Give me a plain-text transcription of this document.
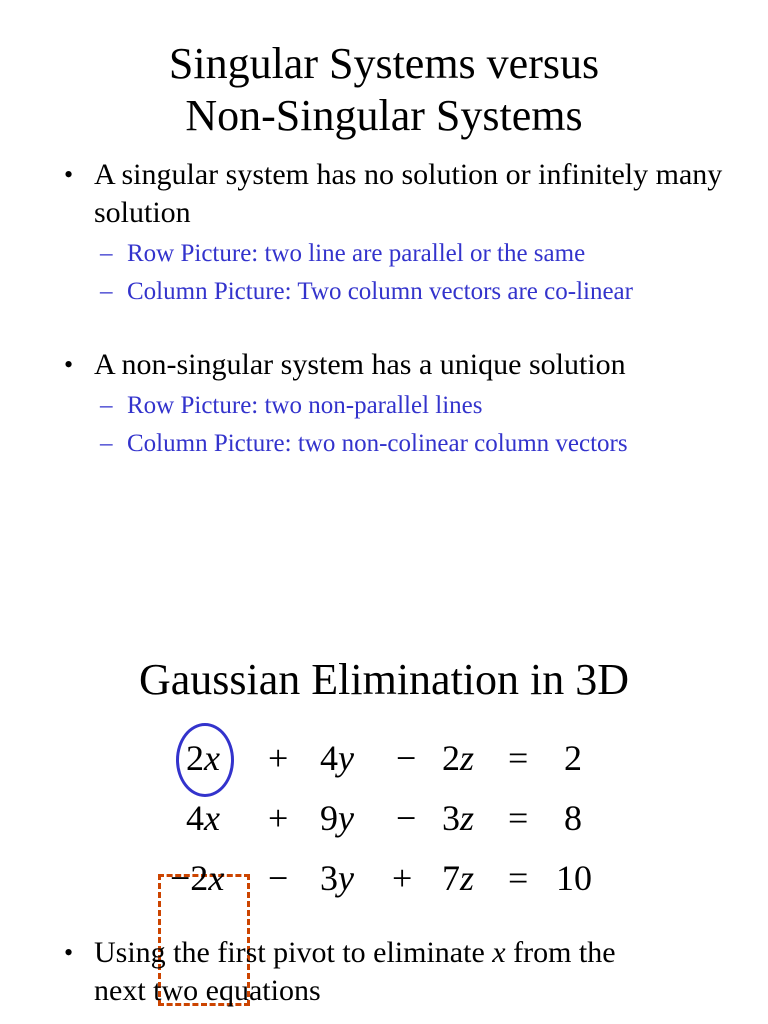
Singular Systems versus
Non-Singular Systems
• A singular system has no solution or infinitely many solution
– Row Picture: two line are parallel or the same
– Column Picture: Two column vectors are co-linear
• A non-singular system has a unique solution
– Row Picture: two non-parallel lines
– Column Picture: two non-colinear column vectors
Gaussian Elimination in 3D
2x + 4y − 2z = 2
4x + 9y − 3z = 8
−2x − 3y + 7z = 10
• Using the first pivot to eliminate x from the
next two equations
